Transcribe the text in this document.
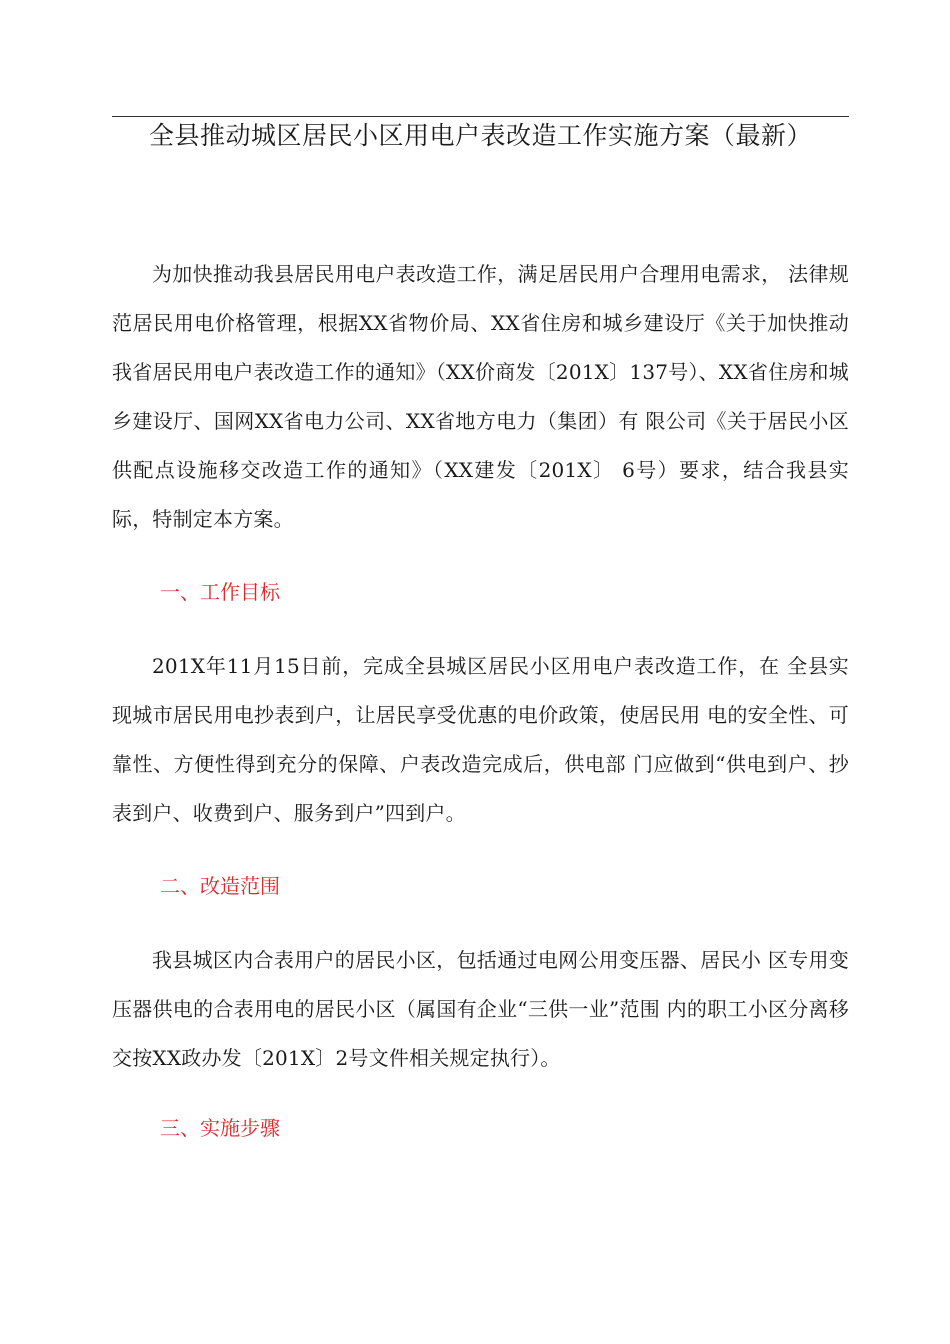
全县推动城区居民小区用电户表改造工作实施方案（最新）

为加快推动我县居民用电户表改造工作，满足居民用户合理用电需求， 法律规范居民用电价格管理，根据XX省物价局、XX省住房和城乡建设厅《关于加快推动我省居民用电户表改造工作的通知》（XX价商发〔201X〕137号）、XX省住房和城乡建设厅、国网XX省电力公司、XX省地方电力（集团）有 限公司《关于居民小区供配点设施移交改造工作的通知》（XX建发〔201X〕 6号）要求，结合我县实际，特制定本方案。

一、工作目标

201X年11月15日前，完成全县城区居民小区用电户表改造工作，在 全县实现城市居民用电抄表到户，让居民享受优惠的电价政策，使居民用 电的安全性、可靠性、方便性得到充分的保障、户表改造完成后，供电部 门应做到“供电到户、抄表到户、收费到户、服务到户”四到户。

二、改造范围

我县城区内合表用户的居民小区，包括通过电网公用变压器、居民小 区专用变压器供电的合表用电的居民小区（属国有企业“三供一业”范围 内的职工小区分离移交按XX政办发〔201X〕2号文件相关规定执行）。

三、实施步骤
